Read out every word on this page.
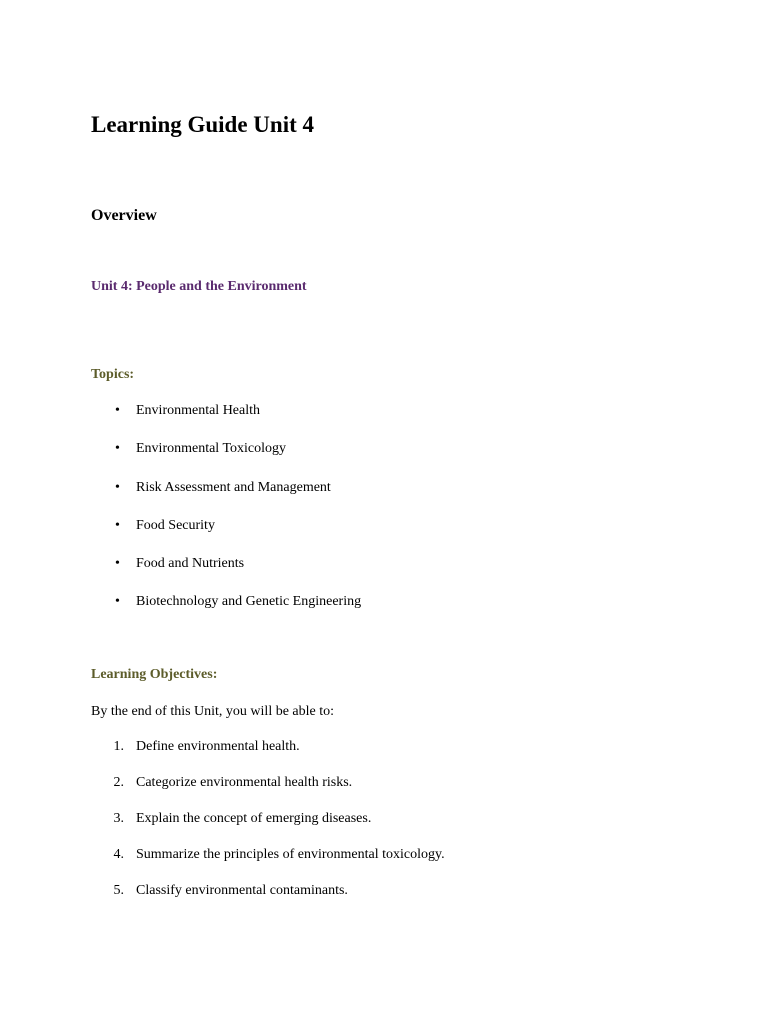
Learning Guide Unit 4
Overview
Unit 4: People and the Environment
Topics:
•	Environmental Health
•	Environmental Toxicology
•	Risk Assessment and Management
•	Food Security
•	Food and Nutrients
•	Biotechnology and Genetic Engineering
Learning Objectives:

By the end of this Unit, you will be able to:

1. Define environmental health.
2. Categorize environmental health risks.
3. Explain the concept of emerging diseases.
4. Summarize the principles of environmental toxicology.
5. Classify environmental contaminants.
